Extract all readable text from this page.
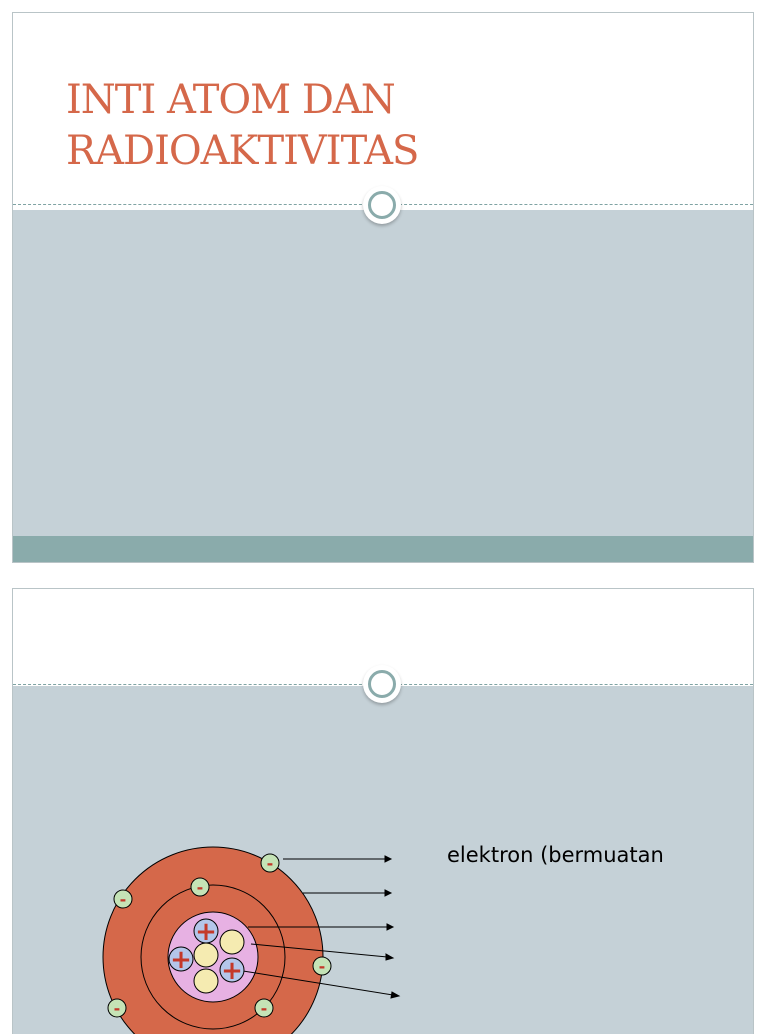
INTI ATOM DAN
RADIOAKTIVITAS
+
+ +
-
-
-
-
-	-
elektron (bermuatan
